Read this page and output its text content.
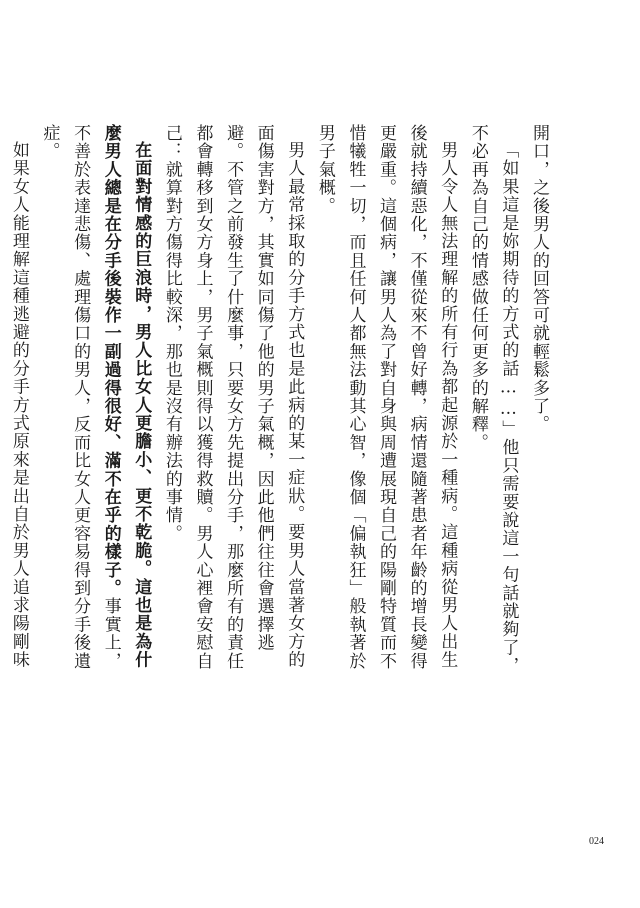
開口，之後男人的回答可就輕鬆多了。

「如果這是妳期待的方式的話……」他只需要說這一句話就夠了，不必再為自己的情感做任何更多的解釋。

男人令人無法理解的所有行為都起源於一種病。這種病從男人出生後就持續惡化，不僅從來不曾好轉，病情還隨著患者年齡的增長變得更嚴重。這個病，讓男人為了對自身與周遭展現自己的陽剛特質而不惜犧牲一切，而且任何人都無法動其心智，像個「偏執狂」般執著於男子氣概。

男人最常採取的分手方式也是此病的某一症狀。要男人當著女方的面傷害對方，其實如同傷了他的男子氣概，因此他們往往會選擇逃避。不管之前發生了什麼事，只要女方先提出分手，那麼所有的責任都會轉移到女方身上，男子氣概則得以獲得救贖。男人心裡會安慰自己：就算對方傷得比較深，那也是沒有辦法的事情。

在面對情感的巨浪時，男人比女人更膽小、更不乾脆。這也是為什麼男人總是在分手後裝作一副過得很好、滿不在乎的樣子。事實上，不善於表達悲傷、處理傷口的男人，反而比女人更容易得到分手後遺症。

如果女人能理解這種逃避的分手方式原來是出自於男人追求陽剛味

024
